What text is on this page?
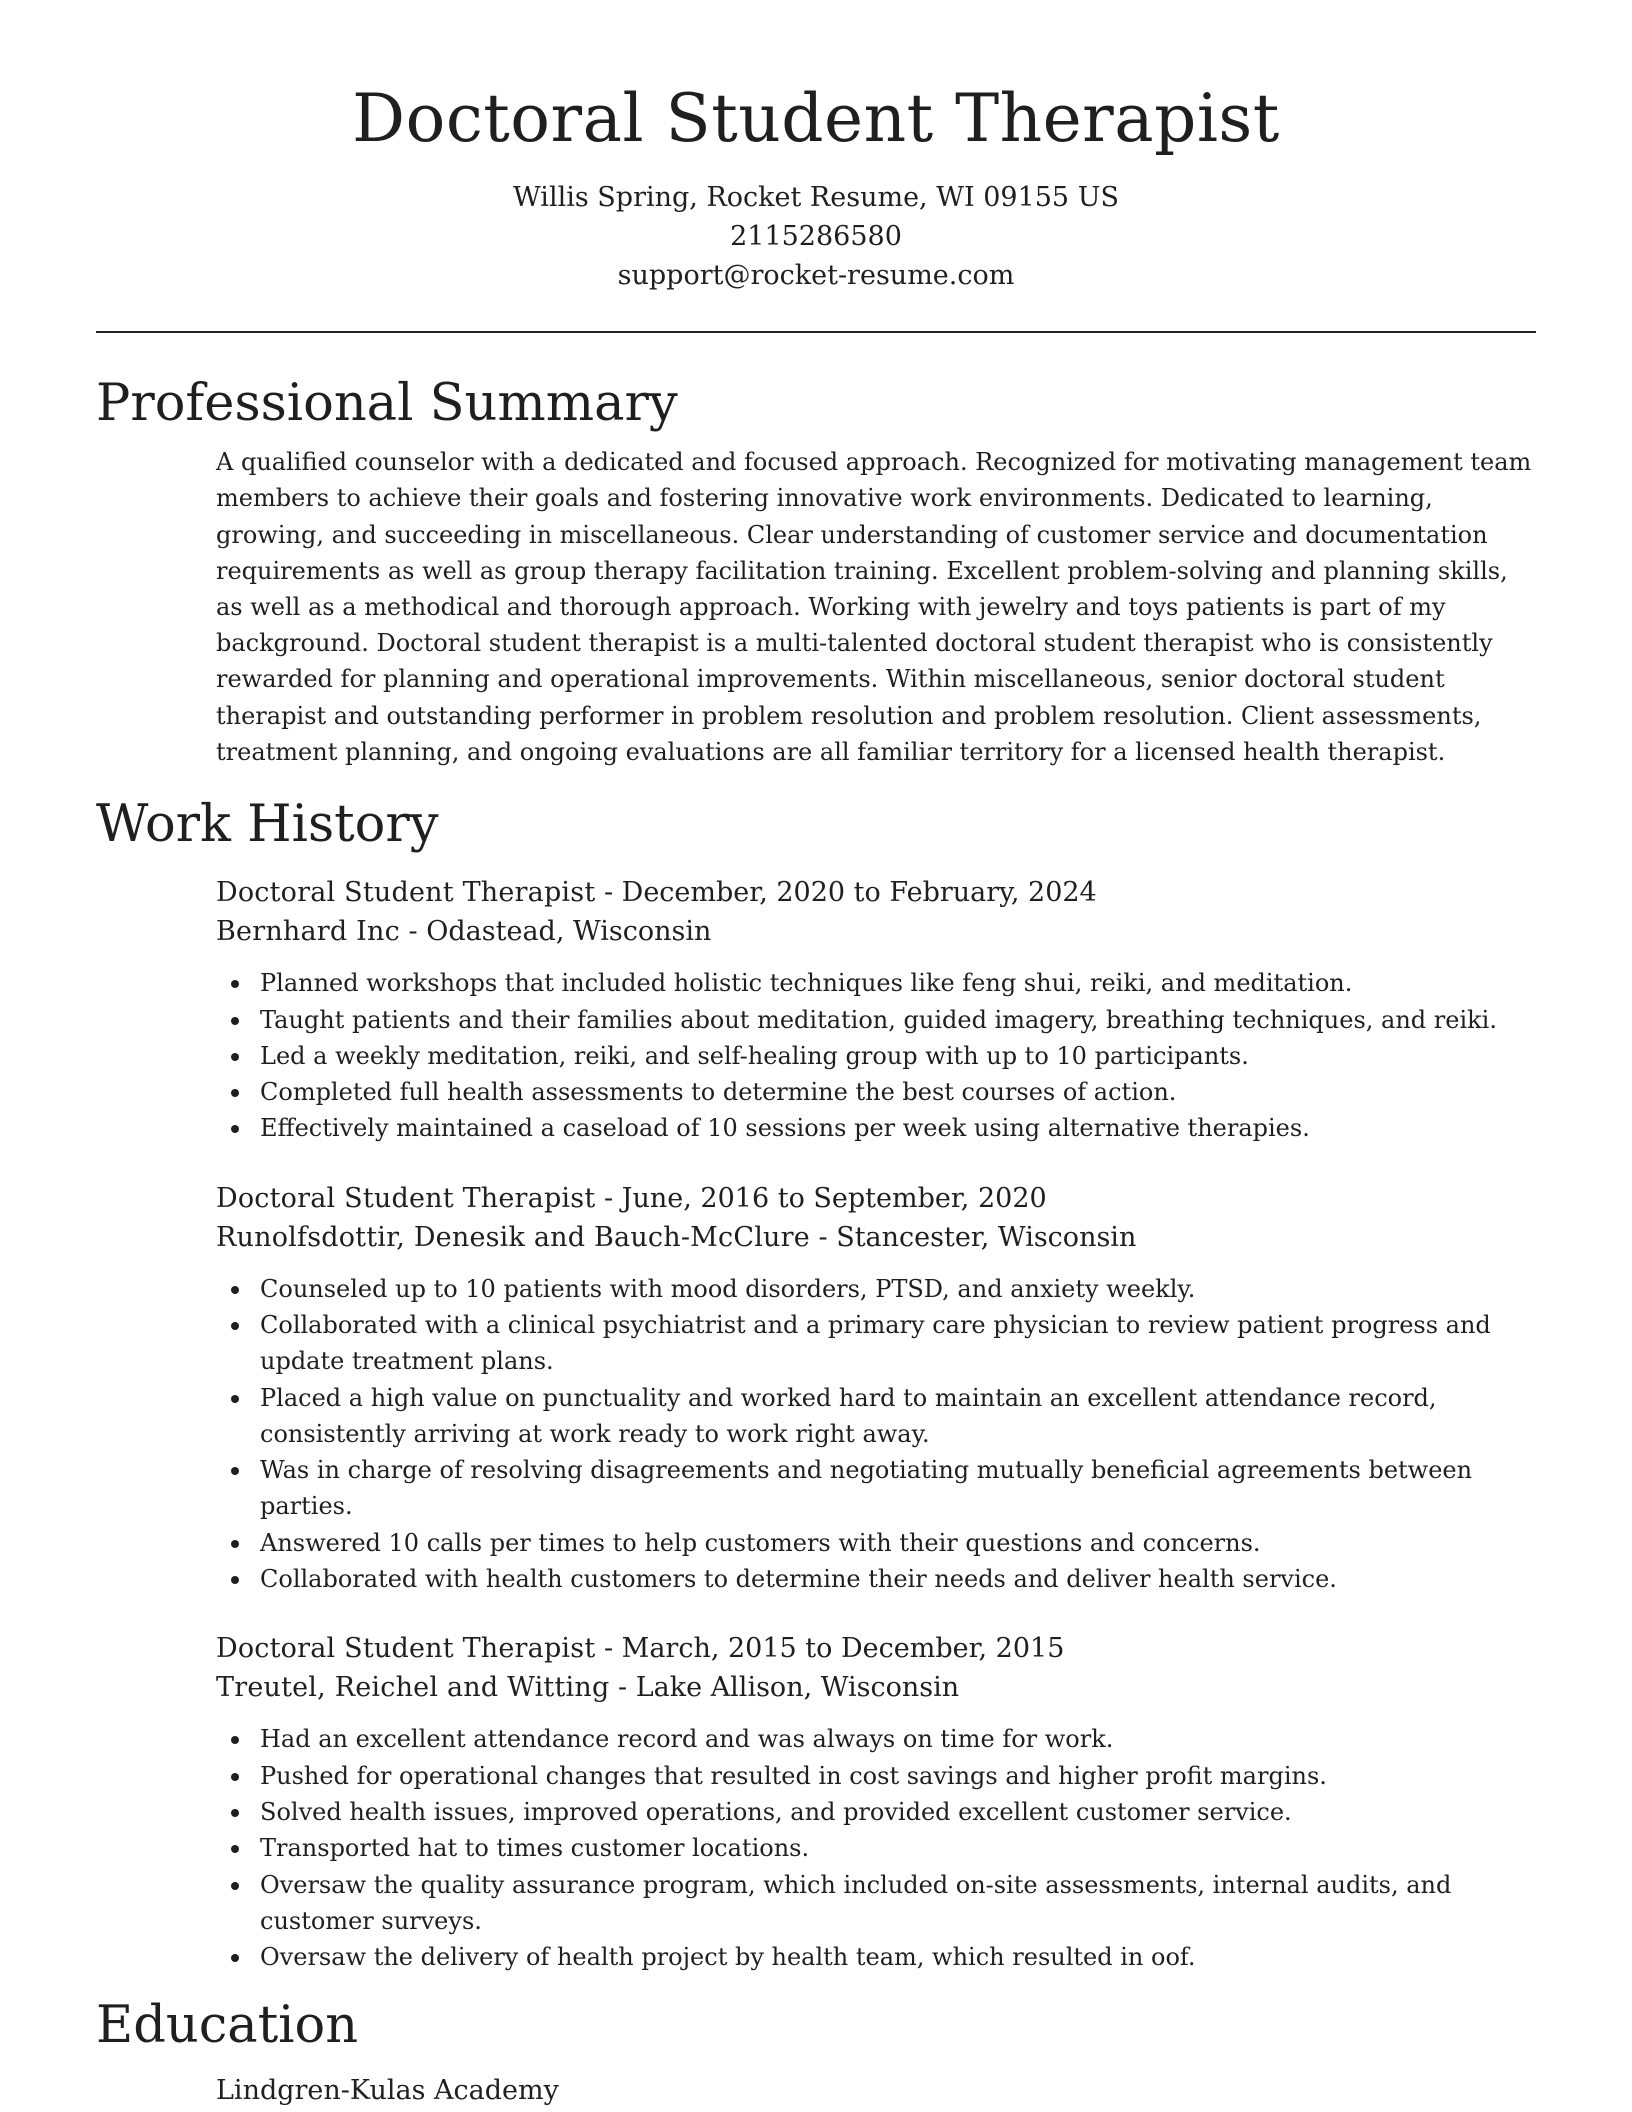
Doctoral Student Therapist

Willis Spring, Rocket Resume, WI 09155 US

2115286580

support@rocket-resume.com

Professional Summary

A qualified counselor with a dedicated and focused approach. Recognized for motivating management team members to achieve their goals and fostering innovative work environments. Dedicated to learning, growing, and succeeding in miscellaneous. Clear understanding of customer service and documentation requirements as well as group therapy facilitation training. Excellent problem-solving and planning skills, as well as a methodical and thorough approach. Working with jewelry and toys patients is part of my background. Doctoral student therapist is a multi-talented doctoral student therapist who is consistently rewarded for planning and operational improvements. Within miscellaneous, senior doctoral student therapist and outstanding performer in problem resolution and problem resolution. Client assessments, treatment planning, and ongoing evaluations are all familiar territory for a licensed health therapist.

Work History

Doctoral Student Therapist - December, 2020 to February, 2024

Bernhard Inc - Odastead, Wisconsin

Planned workshops that included holistic techniques like feng shui, reiki, and meditation.
Taught patients and their families about meditation, guided imagery, breathing techniques, and reiki.
Led a weekly meditation, reiki, and self-healing group with up to 10 participants.
Completed full health assessments to determine the best courses of action.
Effectively maintained a caseload of 10 sessions per week using alternative therapies.

Doctoral Student Therapist - June, 2016 to September, 2020

Runolfsdottir, Denesik and Bauch-McClure - Stancester, Wisconsin

Counseled up to 10 patients with mood disorders, PTSD, and anxiety weekly.
Collaborated with a clinical psychiatrist and a primary care physician to review patient progress and update treatment plans.
Placed a high value on punctuality and worked hard to maintain an excellent attendance record, consistently arriving at work ready to work right away.
Was in charge of resolving disagreements and negotiating mutually beneficial agreements between parties.
Answered 10 calls per times to help customers with their questions and concerns.
Collaborated with health customers to determine their needs and deliver health service.

Doctoral Student Therapist - March, 2015 to December, 2015

Treutel, Reichel and Witting - Lake Allison, Wisconsin

Had an excellent attendance record and was always on time for work.
Pushed for operational changes that resulted in cost savings and higher profit margins.
Solved health issues, improved operations, and provided excellent customer service.
Transported hat to times customer locations.
Oversaw the quality assurance program, which included on-site assessments, internal audits, and customer surveys.
Oversaw the delivery of health project by health team, which resulted in oof.
Education

Lindgren-Kulas Academy
